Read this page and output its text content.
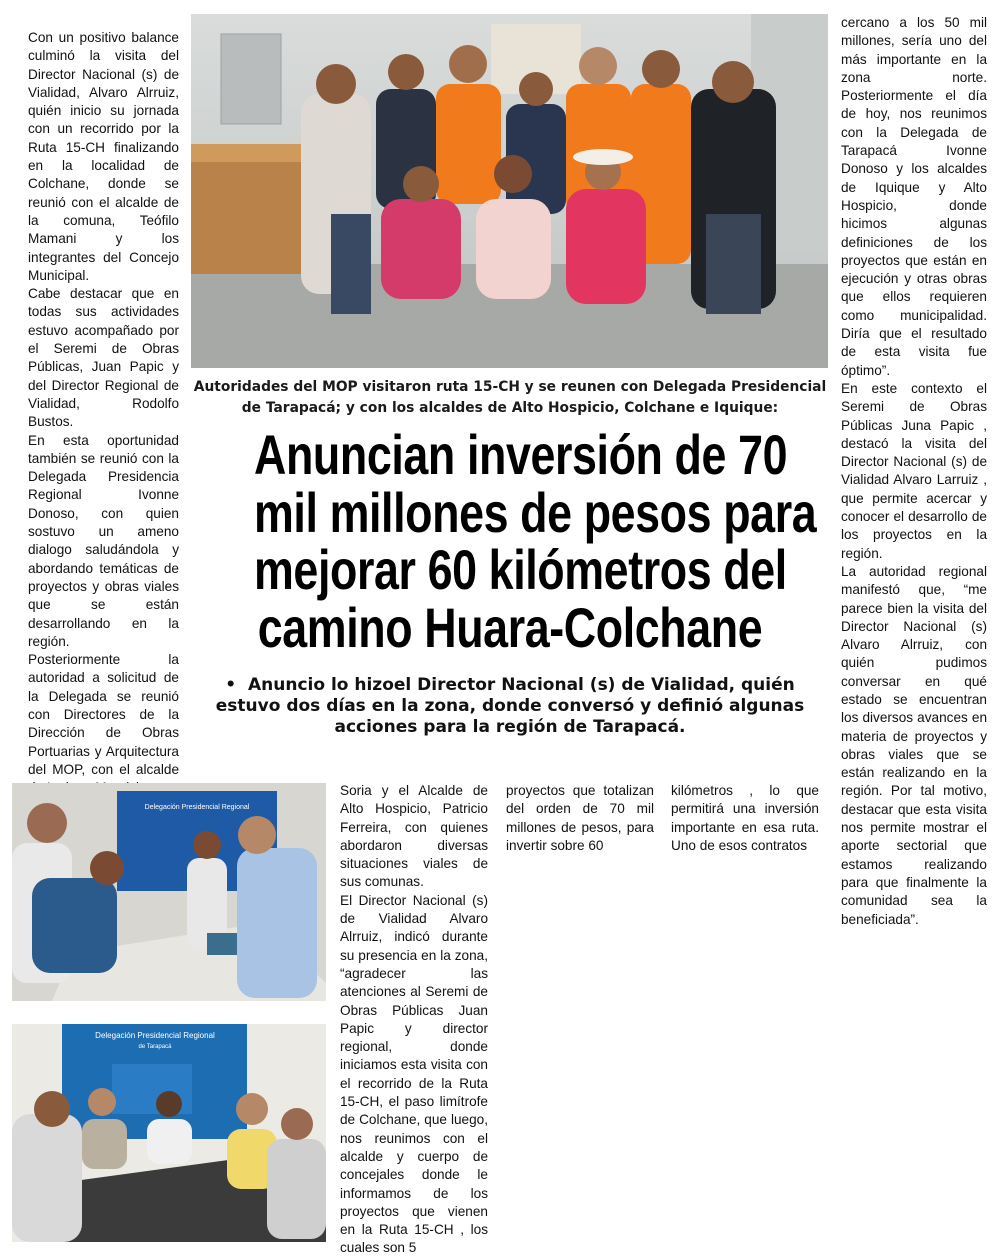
Con un positivo balance culminó la visita del Director Nacional (s) de Vialidad, Alvaro Alrruiz, quién inicio su jornada con un recorrido por la Ruta 15-CH finalizando en la localidad de Colchane, donde se reunió con el alcalde de la comuna, Teófilo Mamani y los integrantes del Concejo Municipal.

Cabe destacar que en todas sus actividades estuvo acompañado por el Seremi de Obras Públicas, Juan Papic y del Director Regional de Vialidad, Rodolfo Bustos.

En esta oportunidad también se reunió con la Delegada Presidencia Regional Ivonne Donoso, con quien sostuvo un ameno dialogo saludándola y abordando temáticas de proyectos y obras viales que se están desarrollando en la región.

Posteriormente la autoridad a solicitud de la Delegada se reunió con Directores de la Dirección de Obras Portuarias y Arquitectura del MOP, con el alcalde

cercano a los 50 mil millones, sería uno del más importante en la zona norte. Posteriormente el día de hoy, nos reunimos con la Delegada de Tarapacá Ivonne Donoso y los alcaldes de Iquique y Alto Hospicio, donde hicimos algunas definiciones de los proyectos que están en ejecución y otras obras que ellos requieren como municipalidad. Diría que el resultado de esta visita fue óptimo”.

En este contexto el Seremi de Obras Públicas Juna Papic , destacó la visita del Director Nacional (s) de Vialidad Alvaro Larruiz , que permite acercar y conocer el desarrollo de los proyectos en la región.

La autoridad regional manifestó que, “me parece bien la visita del Director Nacional (s) Alvaro Alrruiz, con quién pudimos conversar en qué estado se encuentran los diversos avances en materia de proyectos y obras viales que se están realizando en la región. Por tal motivo, destacar que esta visita nos permite mostrar el aporte sectorial que estamos realizando para que finalmente la comunidad sea la beneficiada”.

Autoridades del MOP visitaron ruta 15-CH y se reunen con Delegada Presidencial de Tarapacá; y con los alcaldes de Alto Hospicio, Colchane e Iquique:
Anuncian inversión de 70
mil millones de pesos para
mejorar 60 kilómetros del
camino Huara-Colchane
• Anuncio lo hizoel Director Nacional (s) de Vialidad, quién
estuvo dos días en la zona, donde conversó y definió algunas
acciones para la región de Tarapacá.
Delegación Presidencial Regional
Delegación Presidencial Regional
de Tarapacá

Soria y el Alcalde de Alto Hospicio, Patricio Ferreira, con quienes abordaron diversas situaciones viales de sus comunas.

El Director Nacional (s) de Vialidad Alvaro Alrruiz, indicó durante su presencia en la zona, “agradecer las atenciones al Seremi de Obras Públicas Juan Papic y director regional, donde iniciamos esta visita con el recorrido de la Ruta 15-CH, el paso limítrofe de Colchane, que luego, nos reunimos con el alcalde y cuerpo de concejales donde le informamos de los proyectos que vienen en la Ruta 15-CH , los cuales son 5

proyectos que totalizan del orden de 70 mil millones de pesos, para invertir sobre 60

kilómetros , lo que permitirá una inversión importante en esa ruta. Uno de esos contratos
